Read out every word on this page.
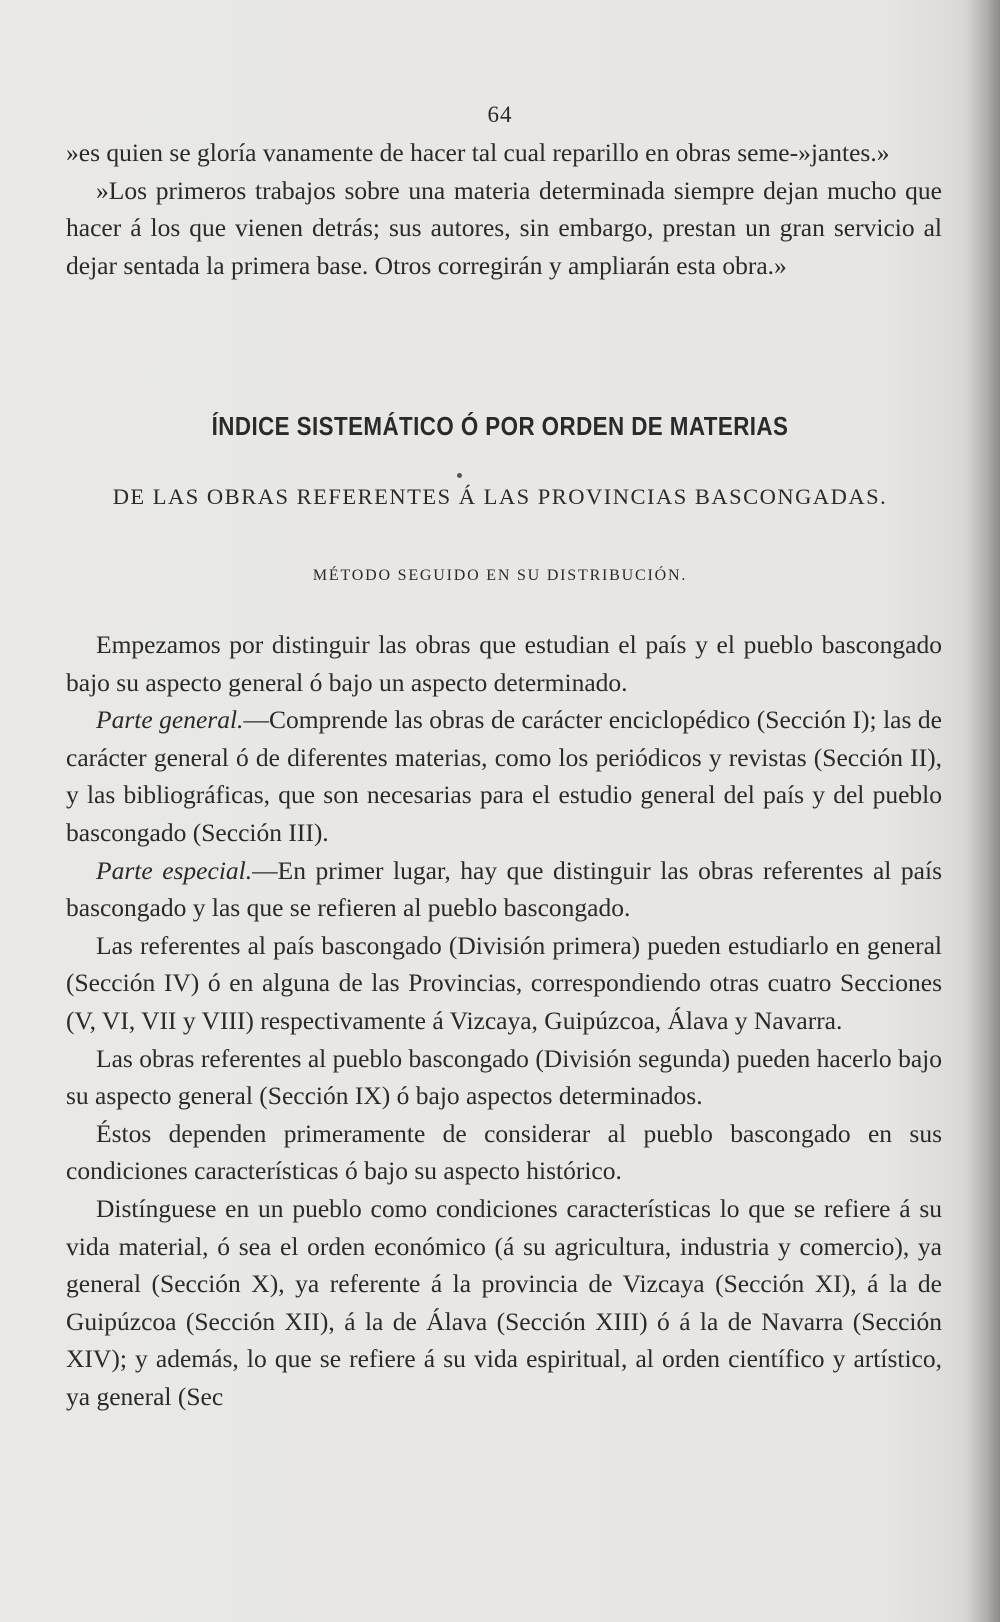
64

»es quien se gloría vanamente de hacer tal cual reparillo en obras seme-»jantes.»

»Los primeros trabajos sobre una materia determinada siempre dejan mucho que hacer á los que vienen detrás; sus autores, sin embargo, prestan un gran servicio al dejar sentada la primera base. Otros corregirán y ampliarán esta obra.»

ÍNDICE SISTEMÁTICO Ó POR ORDEN DE MATERIAS
DE LAS OBRAS REFERENTES Á LAS PROVINCIAS BASCONGADAS.
MÉTODO SEGUIDO EN SU DISTRIBUCIÓN.

Empezamos por distinguir las obras que estudian el país y el pueblo bascongado bajo su aspecto general ó bajo un aspecto determinado.

Parte general.—Comprende las obras de carácter enciclopédico (Sección I); las de carácter general ó de diferentes materias, como los periódicos y revistas (Sección II), y las bibliográficas, que son necesarias para el estudio general del país y del pueblo bascongado (Sección III).

Parte especial.—En primer lugar, hay que distinguir las obras referentes al país bascongado y las que se refieren al pueblo bascongado.

Las referentes al país bascongado (División primera) pueden estudiarlo en general (Sección IV) ó en alguna de las Provincias, correspondiendo otras cuatro Secciones (V, VI, VII y VIII) respectivamente á Vizcaya, Guipúzcoa, Álava y Navarra.

Las obras referentes al pueblo bascongado (División segunda) pueden hacerlo bajo su aspecto general (Sección IX) ó bajo aspectos determinados.

Éstos dependen primeramente de considerar al pueblo bascongado en sus condiciones características ó bajo su aspecto histórico.

Distínguese en un pueblo como condiciones características lo que se refiere á su vida material, ó sea el orden económico (á su agricultura, industria y comercio), ya general (Sección X), ya referente á la provincia de Vizcaya (Sección XI), á la de Guipúzcoa (Sección XII), á la de Álava (Sección XIII) ó á la de Navarra (Sección XIV); y además, lo que se refiere á su vida espiritual, al orden científico y artístico, ya general (Sec
